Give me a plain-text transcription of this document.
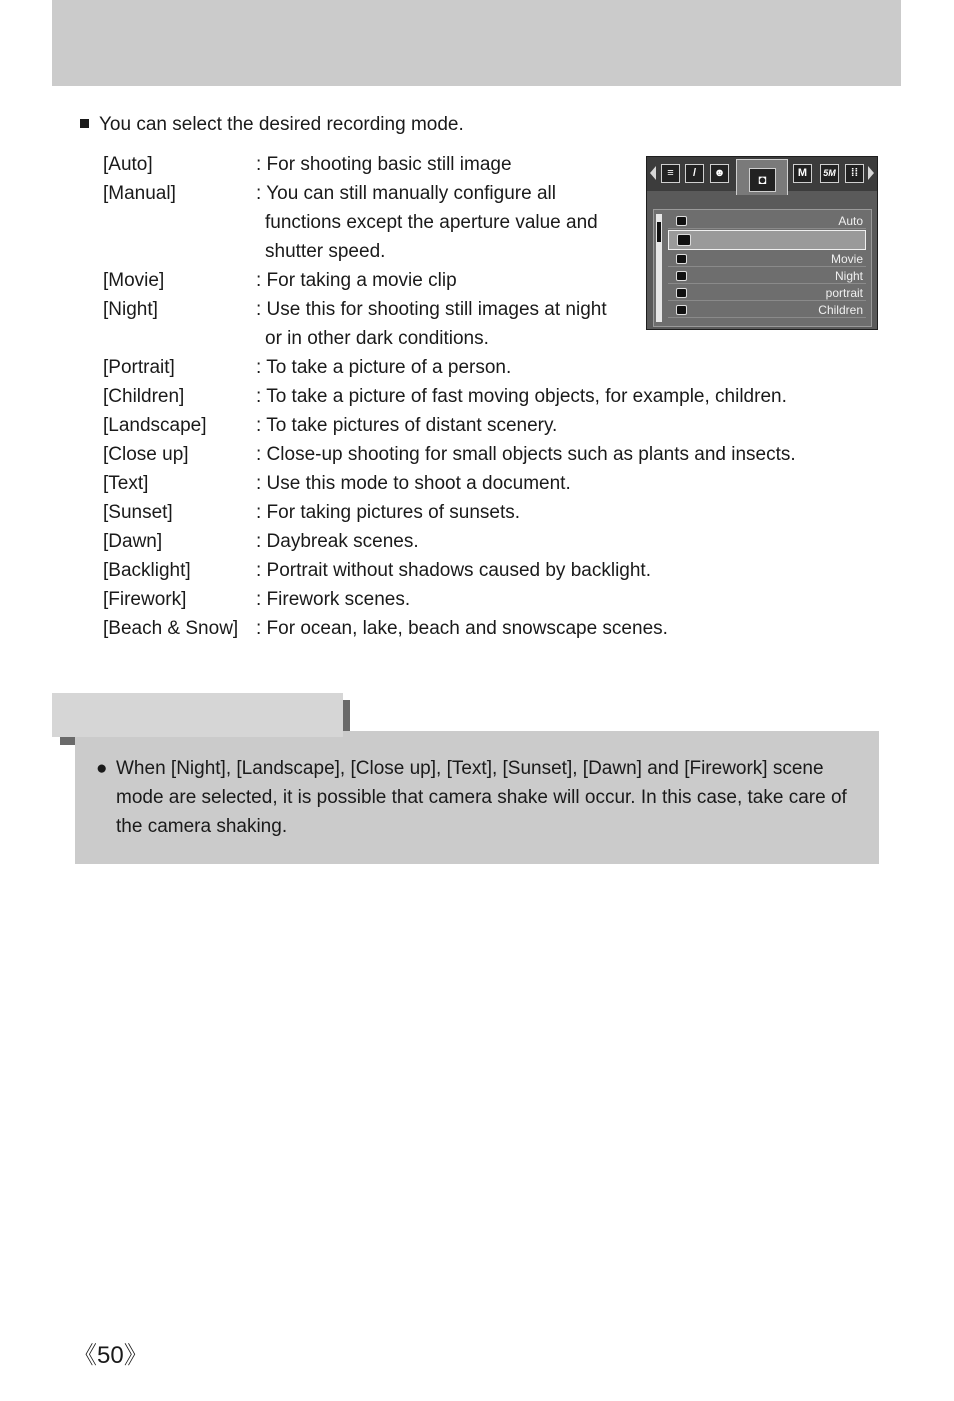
You can select the desired recording mode.
[Auto]	: For shooting basic still image
[Manual]	: You can still manually configure all
functions except the aperture value and
shutter speed.
[Movie]	: For taking a movie clip
[Night]	: Use this for shooting still images at night
or in other dark conditions.
[Portrait]	: To take a picture of a person.
[Children]	: To take a picture of fast moving objects, for example, children.
[Landscape]	: To take pictures of distant scenery.
[Close up]	: Close-up shooting for small objects such as plants and insects.
[Text]	: Use this mode to shoot a document.
[Sunset]	: For taking pictures of sunsets.
[Dawn]	: Daybreak scenes.
[Backlight]	: Portrait without shadows caused by backlight.
[Firework]	: Firework scenes.
[Beach & Snow] : For ocean, lake, beach and snowscape scenes.
≡	/	☻	◘	M	5M	⁞⁞
Auto
Movie
Night
portrait
Children
● When [Night], [Landscape], [Close up], [Text], [Sunset], [Dawn] and [Firework] scene mode are selected, it is possible that camera shake will occur. In this case, take care of the camera shaking.
《50》
